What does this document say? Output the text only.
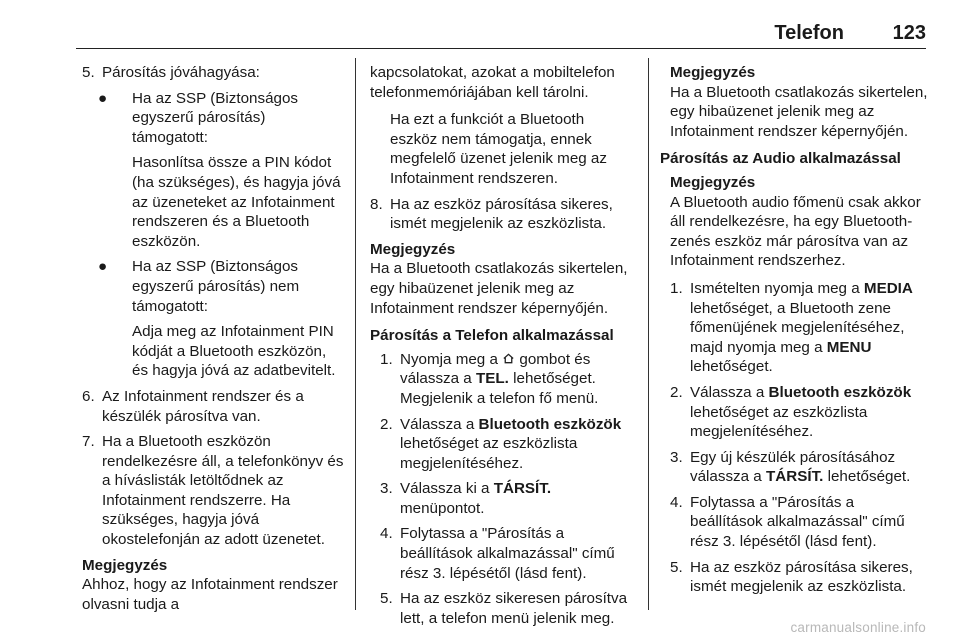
Telefon 123
5. Párosítás jóváhagyása:
● Ha az SSP (Biztonságos egyszerű párosítás) támogatott:

Hasonlítsa össze a PIN kódot (ha szükséges), és hagyja jóvá az üzeneteket az Infotainment rendszeren és a Bluetooth eszközön.

● Ha az SSP (Biztonságos egyszerű párosítás) nem támogatott:

Adja meg az Infotainment PIN kódját a Bluetooth eszközön, és hagyja jóvá az adatbevitelt.

6. Az Infotainment rendszer és a készülék párosítva van.
7. Ha a Bluetooth eszközön rendelkezésre áll, a telefonkönyv és a híváslisták letöltődnek az Infotainment rendszerre. Ha szükséges, hagyja jóvá okostelefonján az adott üzenetet.

Megjegyzés

Ahhoz, hogy az Infotainment rendszer olvasni tudja a

kapcsolatokat, azokat a mobiltelefon telefonmemóriájában kell tárolni.

Ha ezt a funkciót a Bluetooth eszköz nem támogatja, ennek megfelelő üzenet jelenik meg az Infotainment rendszeren.

8. Ha az eszköz párosítása sikeres, ismét megjelenik az eszközlista.

Megjegyzés

Ha a Bluetooth csatlakozás sikertelen, egy hibaüzenet jelenik meg az Infotainment rendszer képernyőjén.

Párosítás a Telefon alkalmazással

1. Nyomja meg a gombot és válassza a TEL. lehetőséget. Megjelenik a telefon fő menü.
2. Válassza a Bluetooth eszközök lehetőséget az eszközlista megjelenítéséhez.
3. Válassza ki a TÁRSÍT. menüpontot.
4. Folytassa a "Párosítás a beállítások alkalmazással" című rész 3. lépésétől (lásd fent).
5. Ha az eszköz sikeresen párosítva lett, a telefon menü jelenik meg.

Megjegyzés

Ha a Bluetooth csatlakozás sikertelen, egy hibaüzenet jelenik meg az Infotainment rendszer képernyőjén.

Párosítás az Audio alkalmazással

Megjegyzés

A Bluetooth audio főmenü csak akkor áll rendelkezésre, ha egy Bluetooth-zenés eszköz már párosítva van az Infotainment rendszerhez.

1. Ismételten nyomja meg a MEDIA lehetőséget, a Bluetooth zene főmenüjének megjelenítéséhez, majd nyomja meg a MENU lehetőséget.
2. Válassza a Bluetooth eszközök lehetőséget az eszközlista megjelenítéséhez.
3. Egy új készülék párosításához válassza a TÁRSÍT. lehetőséget.
4. Folytassa a "Párosítás a beállítások alkalmazással" című rész 3. lépésétől (lásd fent).
5. Ha az eszköz párosítása sikeres, ismét megjelenik az eszközlista.
carmanualsonline.info
